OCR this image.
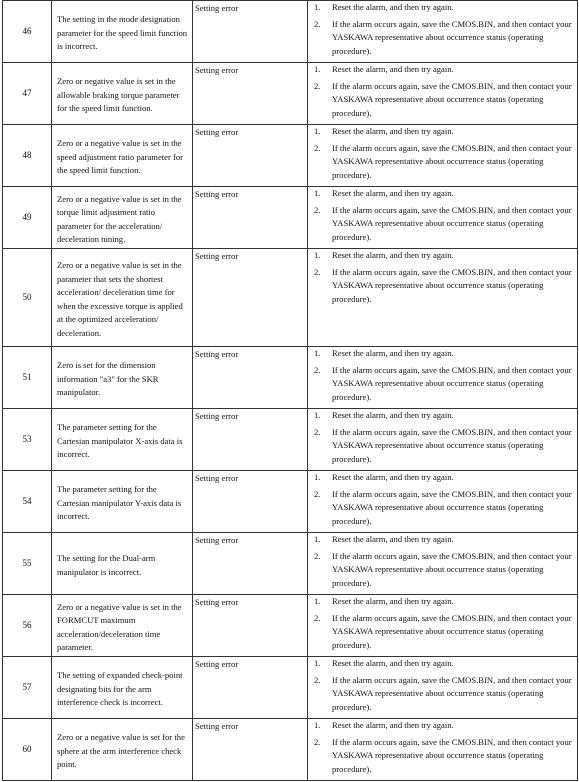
46	The setting in the mode designation parameter for the speed limit function is incorrect.	Setting error	1. Reset the alarm, and then try again.
2. If the alarm occurs again, save the CMOS.BIN, and then contact your YASKAWA representative about occurrence status (operating procedure).

47	Zero or negative value is set in the allowable braking torque parameter for the speed limit function.	Setting error	1. Reset the alarm, and then try again.
2. If the alarm occurs again, save the CMOS.BIN, and then contact your YASKAWA representative about occurrence status (operating procedure).

48	Zero or a negative value is set in the speed adjustment ratio parameter for the speed limit function.	Setting error	1. Reset the alarm, and then try again.
2. If the alarm occurs again, save the CMOS.BIN, and then contact your YASKAWA representative about occurrence status (operating procedure).

49	Zero or a negative value is set in the torque limit adjustment ratio parameter for the acceleration/ deceleration tuning.	Setting error	1. Reset the alarm, and then try again.
2. If the alarm occurs again, save the CMOS.BIN, and then contact your YASKAWA representative about occurrence status (operating procedure).

50	Zero or a negative value is set in the parameter that sets the shortest acceleration/ deceleration time for when the excessive torque is applied at the optimized acceleration/ deceleration.	Setting error	1. Reset the alarm, and then try again.
2. If the alarm occurs again, save the CMOS.BIN, and then contact your YASKAWA representative about occurrence status (operating procedure).

51	Zero is set for the dimension information "a3" for the SKR manipulator.	Setting error	1. Reset the alarm, and then try again.
2. If the alarm occurs again, save the CMOS.BIN, and then contact your YASKAWA representative about occurrence status (operating procedure).

53	The parameter setting for the Cartesian manipulator X-axis data is incorrect.	Setting error	1. Reset the alarm, and then try again.
2. If the alarm occurs again, save the CMOS.BIN, and then contact your YASKAWA representative about occurrence status (operating procedure).

54	The parameter setting for the Cartesian manipulator Y-axis data is incorrect.	Setting error	1. Reset the alarm, and then try again.
2. If the alarm occurs again, save the CMOS.BIN, and then contact your YASKAWA representative about occurrence status (operating procedure).

55	The setting for the Dual-arm manipulator is incorrect.	Setting error	1. Reset the alarm, and then try again.
2. If the alarm occurs again, save the CMOS.BIN, and then contact your YASKAWA representative about occurrence status (operating procedure).

56	Zero or a negative value is set in the FORMCUT maximum acceleration/deceleration time parameter.	Setting error	1. Reset the alarm, and then try again.
2. If the alarm occurs again, save the CMOS.BIN, and then contact your YASKAWA representative about occurrence status (operating procedure).

57	The setting of expanded check-point designating bits for the arm interference check is incorrect.	Setting error	1. Reset the alarm, and then try again.
2. If the alarm occurs again, save the CMOS.BIN, and then contact your YASKAWA representative about occurrence status (operating procedure).

60	Zero or a negative value is set for the sphere at the arm interference check point.	Setting error	1. Reset the alarm, and then try again.
2. If the alarm occurs again, save the CMOS.BIN, and then contact your YASKAWA representative about occurrence status (operating procedure).
